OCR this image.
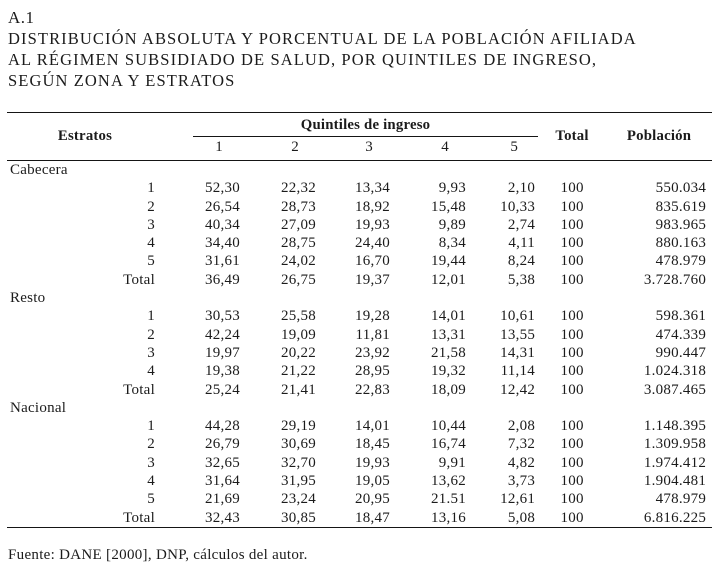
A.1
DISTRIBUCIÓN ABSOLUTA Y PORCENTUAL DE LA POBLACIÓN AFILIADA
AL RÉGIMEN SUBSIDIADO DE SALUD, POR QUINTILES DE INGRESO,
SEGÚN ZONA Y ESTRATOS
Estratos	Quintiles de ingreso					Total	Población
	1	2	3	4	5		
Cabecera							
1	52,30	22,32	13,34	9,93	2,10	100	550.034
2	26,54	28,73	18,92	15,48	10,33	100	835.619
3	40,34	27,09	19,93	9,89	2,74	100	983.965
4	34,40	28,75	24,40	8,34	4,11	100	880.163
5	31,61	24,02	16,70	19,44	8,24	100	478.979
Total	36,49	26,75	19,37	12,01	5,38	100	3.728.760
Resto							
1	30,53	25,58	19,28	14,01	10,61	100	598.361
2	42,24	19,09	11,81	13,31	13,55	100	474.339
3	19,97	20,22	23,92	21,58	14,31	100	990.447
4	19,38	21,22	28,95	19,32	11,14	100	1.024.318
Total	25,24	21,41	22,83	18,09	12,42	100	3.087.465
Nacional							
1	44,28	29,19	14,01	10,44	2,08	100	1.148.395
2	26,79	30,69	18,45	16,74	7,32	100	1.309.958
3	32,65	32,70	19,93	9,91	4,82	100	1.974.412
4	31,64	31,95	19,05	13,62	3,73	100	1.904.481
5	21,69	23,24	20,95	21.51	12,61	100	478.979
Total	32,43	30,85	18,47	13,16	5,08	100	6.816.225
Fuente: DANE [2000], DNP, cálculos del autor.
